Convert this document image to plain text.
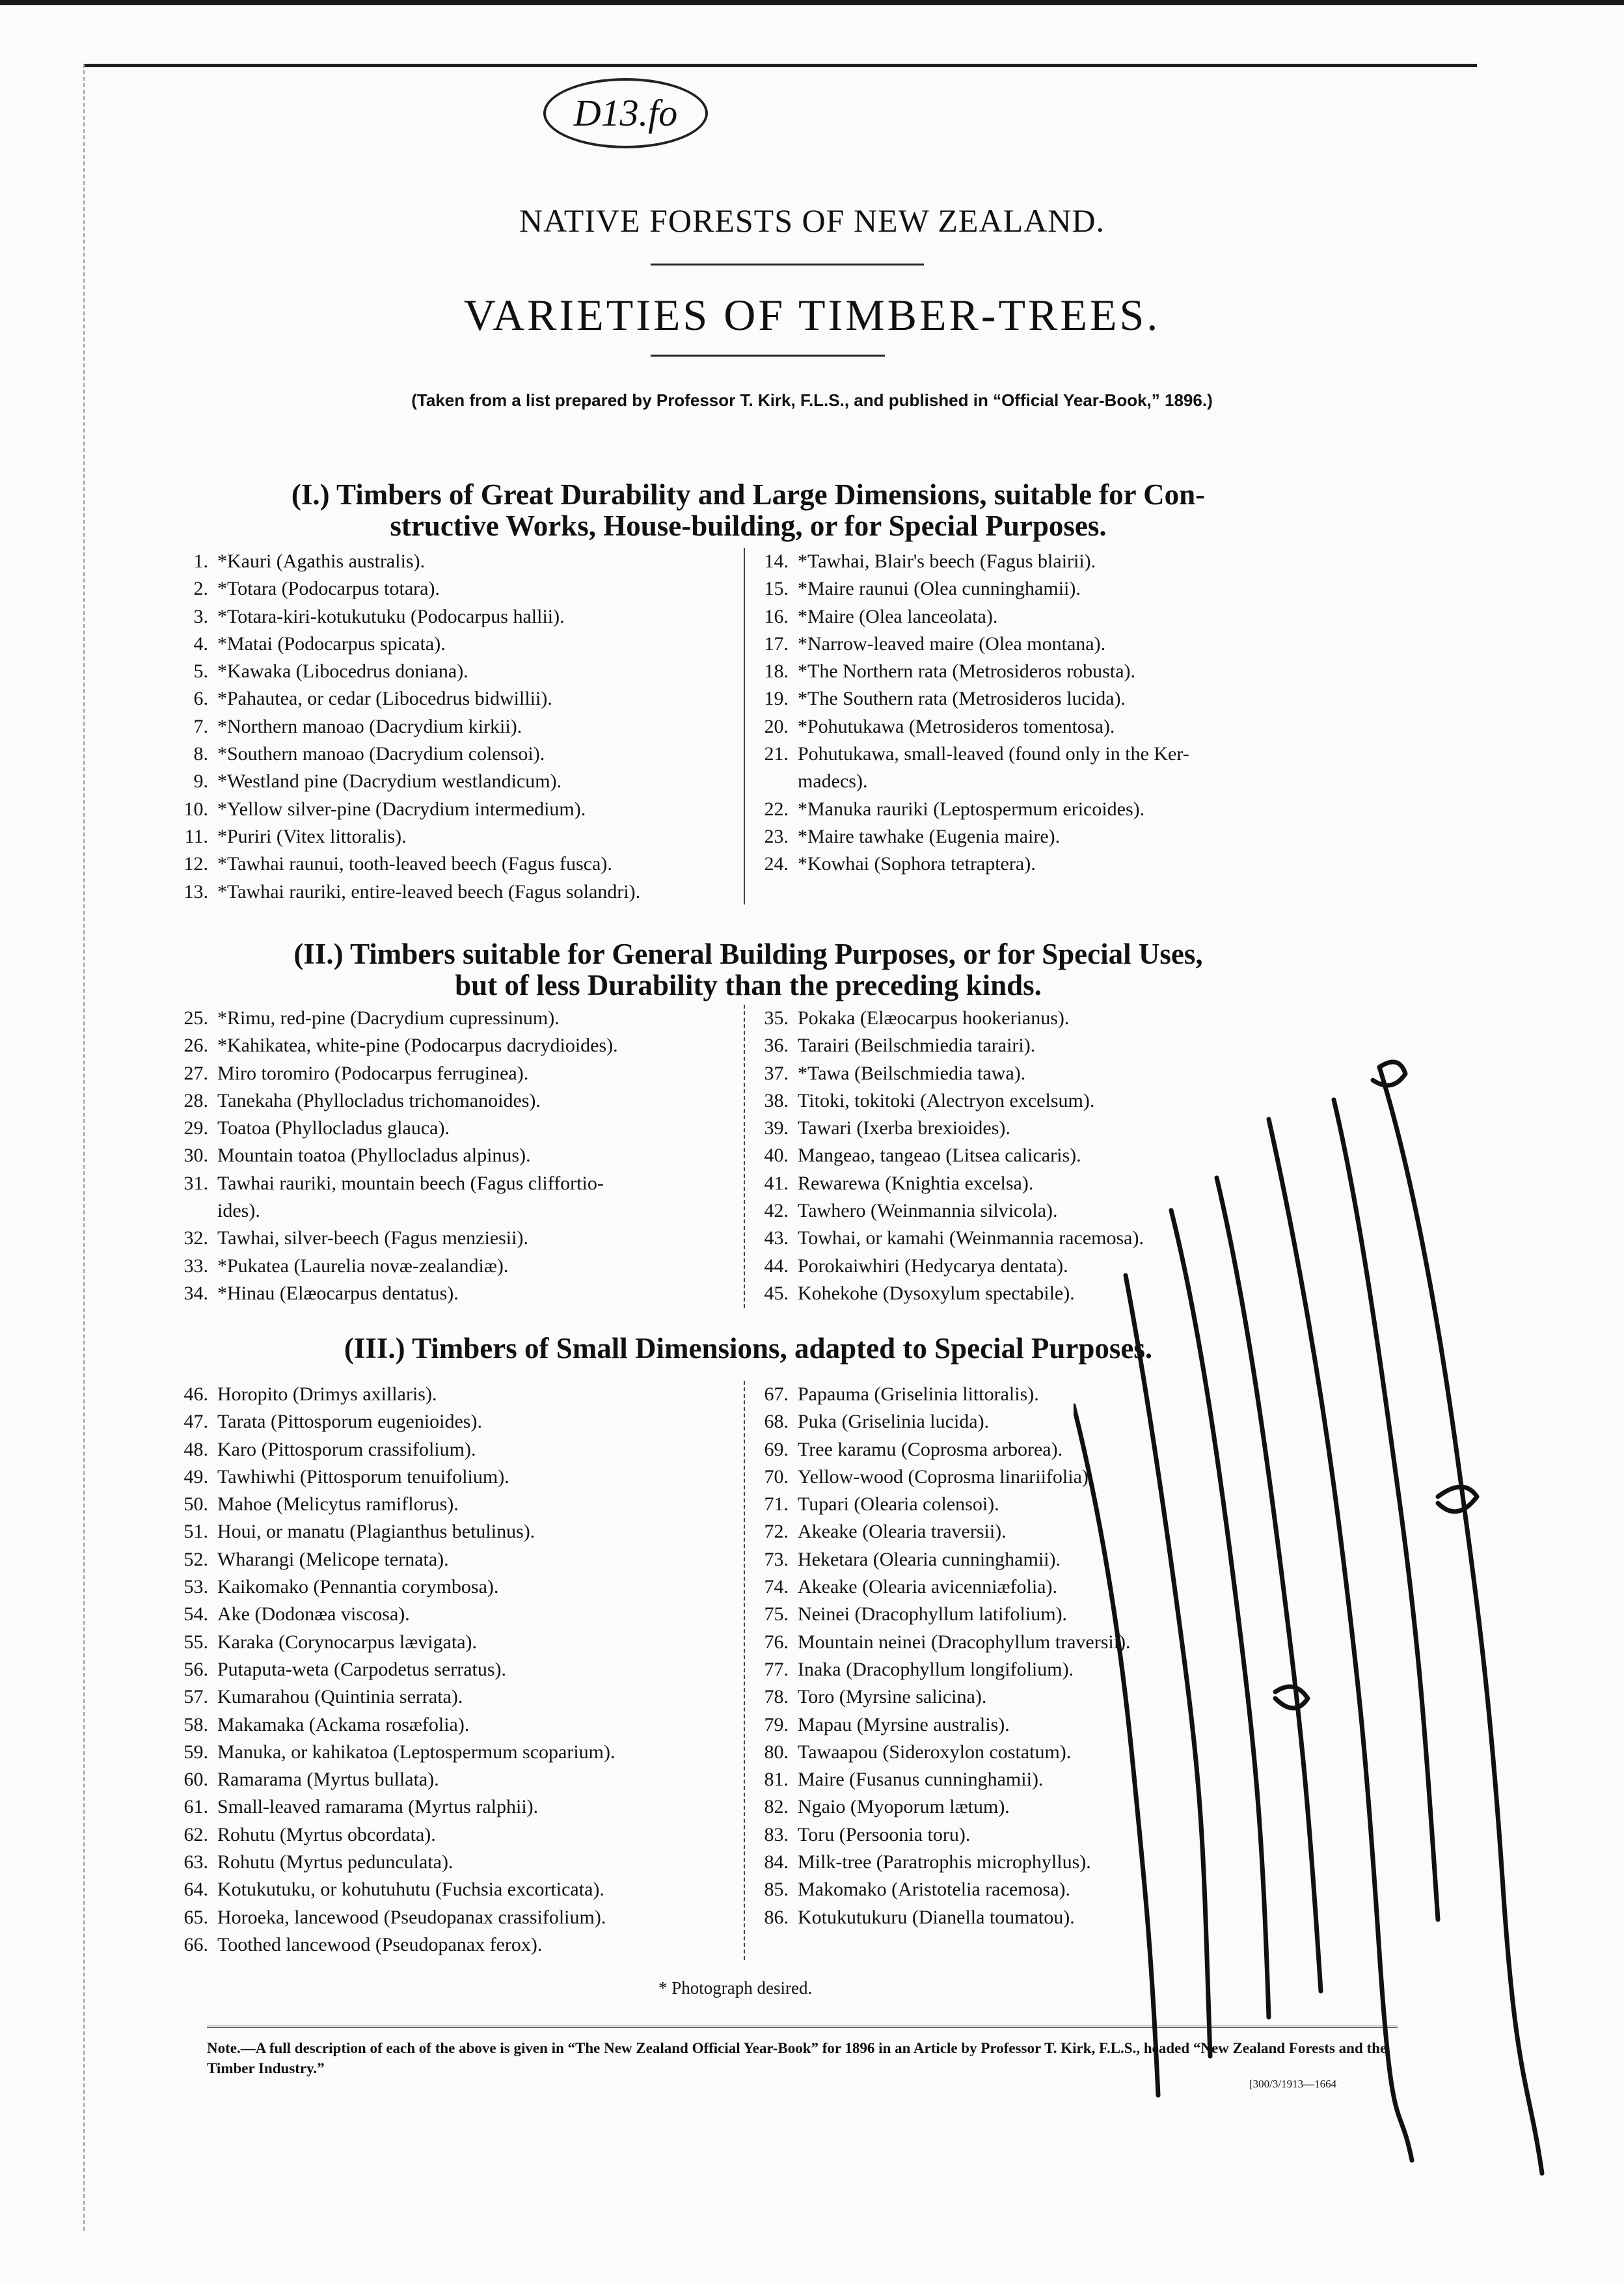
D13.fo
NATIVE FORESTS OF NEW ZEALAND.
VARIETIES OF TIMBER-TREES.
(Taken from a list prepared by Professor T. Kirk, F.L.S., and published in “Official Year-Book,” 1896.)
(I.) Timbers of Great Durability and Large Dimensions, suitable for Con-
structive Works, House-building, or for Special Purposes.
1. *Kauri (Agathis australis).
2. *Totara (Podocarpus totara).
3. *Totara-kiri-kotukutuku (Podocarpus hallii).
4. *Matai (Podocarpus spicata).
5. *Kawaka (Libocedrus doniana).
6. *Pahautea, or cedar (Libocedrus bidwillii).
7. *Northern manoao (Dacrydium kirkii).
8. *Southern manoao (Dacrydium colensoi).
9. *Westland pine (Dacrydium westlandicum).
10. *Yellow silver-pine (Dacrydium intermedium).
11. *Puriri (Vitex littoralis).
12. *Tawhai raunui, tooth-leaved beech (Fagus fusca).
13. *Tawhai rauriki, entire-leaved beech (Fagus solandri).
14. *Tawhai, Blair's beech (Fagus blairii).
15. *Maire raunui (Olea cunninghamii).
16. *Maire (Olea lanceolata).
17. *Narrow-leaved maire (Olea montana).
18. *The Northern rata (Metrosideros robusta).
19. *The Southern rata (Metrosideros lucida).
20. *Pohutukawa (Metrosideros tomentosa).
21. Pohutukawa, small-leaved (found only in the Ker-
madecs).
22. *Manuka rauriki (Leptospermum ericoides).
23. *Maire tawhake (Eugenia maire).
24. *Kowhai (Sophora tetraptera).
(II.) Timbers suitable for General Building Purposes, or for Special Uses,
but of less Durability than the preceding kinds.
25. *Rimu, red-pine (Dacrydium cupressinum).
26. *Kahikatea, white-pine (Podocarpus dacrydioides).
27. Miro toromiro (Podocarpus ferruginea).
28. Tanekaha (Phyllocladus trichomanoides).
29. Toatoa (Phyllocladus glauca).
30. Mountain toatoa (Phyllocladus alpinus).
31. Tawhai rauriki, mountain beech (Fagus cliffortio-
ides).
32. Tawhai, silver-beech (Fagus menziesii).
33. *Pukatea (Laurelia novæ-zealandiæ).
34. *Hinau (Elæocarpus dentatus).
35. Pokaka (Elæocarpus hookerianus).
36. Tarairi (Beilschmiedia tarairi).
37. *Tawa (Beilschmiedia tawa).
38. Titoki, tokitoki (Alectryon excelsum).
39. Tawari (Ixerba brexioides).
40. Mangeao, tangeao (Litsea calicaris).
41. Rewarewa (Knightia excelsa).
42. Tawhero (Weinmannia silvicola).
43. Towhai, or kamahi (Weinmannia racemosa).
44. Porokaiwhiri (Hedycarya dentata).
45. Kohekohe (Dysoxylum spectabile).
(III.) Timbers of Small Dimensions, adapted to Special Purposes.
46. Horopito (Drimys axillaris).
47. Tarata (Pittosporum eugenioides).
48. Karo (Pittosporum crassifolium).
49. Tawhiwhi (Pittosporum tenuifolium).
50. Mahoe (Melicytus ramiflorus).
51. Houi, or manatu (Plagianthus betulinus).
52. Wharangi (Melicope ternata).
53. Kaikomako (Pennantia corymbosa).
54. Ake (Dodonæa viscosa).
55. Karaka (Corynocarpus lævigata).
56. Putaputa-weta (Carpodetus serratus).
57. Kumarahou (Quintinia serrata).
58. Makamaka (Ackama rosæfolia).
59. Manuka, or kahikatoa (Leptospermum scoparium).
60. Ramarama (Myrtus bullata).
61. Small-leaved ramarama (Myrtus ralphii).
62. Rohutu (Myrtus obcordata).
63. Rohutu (Myrtus pedunculata).
64. Kotukutuku, or kohutuhutu (Fuchsia excorticata).
65. Horoeka, lancewood (Pseudopanax crassifolium).
66. Toothed lancewood (Pseudopanax ferox).
67. Papauma (Griselinia littoralis).
68. Puka (Griselinia lucida).
69. Tree karamu (Coprosma arborea).
70. Yellow-wood (Coprosma linariifolia).
71. Tupari (Olearia colensoi).
72. Akeake (Olearia traversii).
73. Heketara (Olearia cunninghamii).
74. Akeake (Olearia avicenniæfolia).
75. Neinei (Dracophyllum latifolium).
76. Mountain neinei (Dracophyllum traversii).
77. Inaka (Dracophyllum longifolium).
78. Toro (Myrsine salicina).
79. Mapau (Myrsine australis).
80. Tawaapou (Sideroxylon costatum).
81. Maire (Fusanus cunninghamii).
82. Ngaio (Myoporum lætum).
83. Toru (Persoonia toru).
84. Milk-tree (Paratrophis microphyllus).
85. Makomako (Aristotelia racemosa).
86. Kotukutukuru (Dianella toumatou).
* Photograph desired.
Note.—A full description of each of the above is given in “The New Zealand Official Year-Book” for 1896 in an Article by Professor T. Kirk, F.L.S., headed “New Zealand Forests and the Timber Industry.”
[300/3/1913—1664
